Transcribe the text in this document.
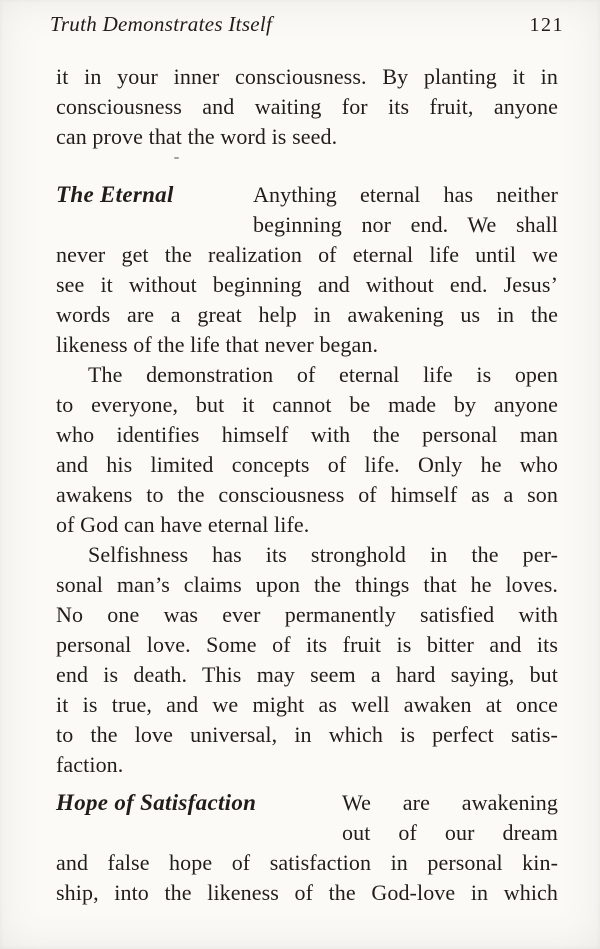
Truth Demonstrates Itself	121
it in your inner consciousness. By planting it in
consciousness and waiting for its fruit, anyone
can prove that the word is seed.
The Eternal	Anything eternal has neither
beginning nor end. We shall
never get the realization of eternal life until we
see it without beginning and without end. Jesus’
words are a great help in awakening us in the
likeness of the life that never began.
The demonstration of eternal life is open
to everyone, but it cannot be made by anyone
who identifies himself with the personal man
and his limited concepts of life. Only he who
awakens to the consciousness of himself as a son
of God can have eternal life.
Selfishness has its stronghold in the per-
sonal man’s claims upon the things that he loves.
No one was ever permanently satisfied with
personal love. Some of its fruit is bitter and its
end is death. This may seem a hard saying, but
it is true, and we might as well awaken at once
to the love universal, in which is perfect satis-
faction.
Hope of Satisfaction	We are awakening
out of our dream
and false hope of satisfaction in personal kin-
ship, into the likeness of the God-love in which
